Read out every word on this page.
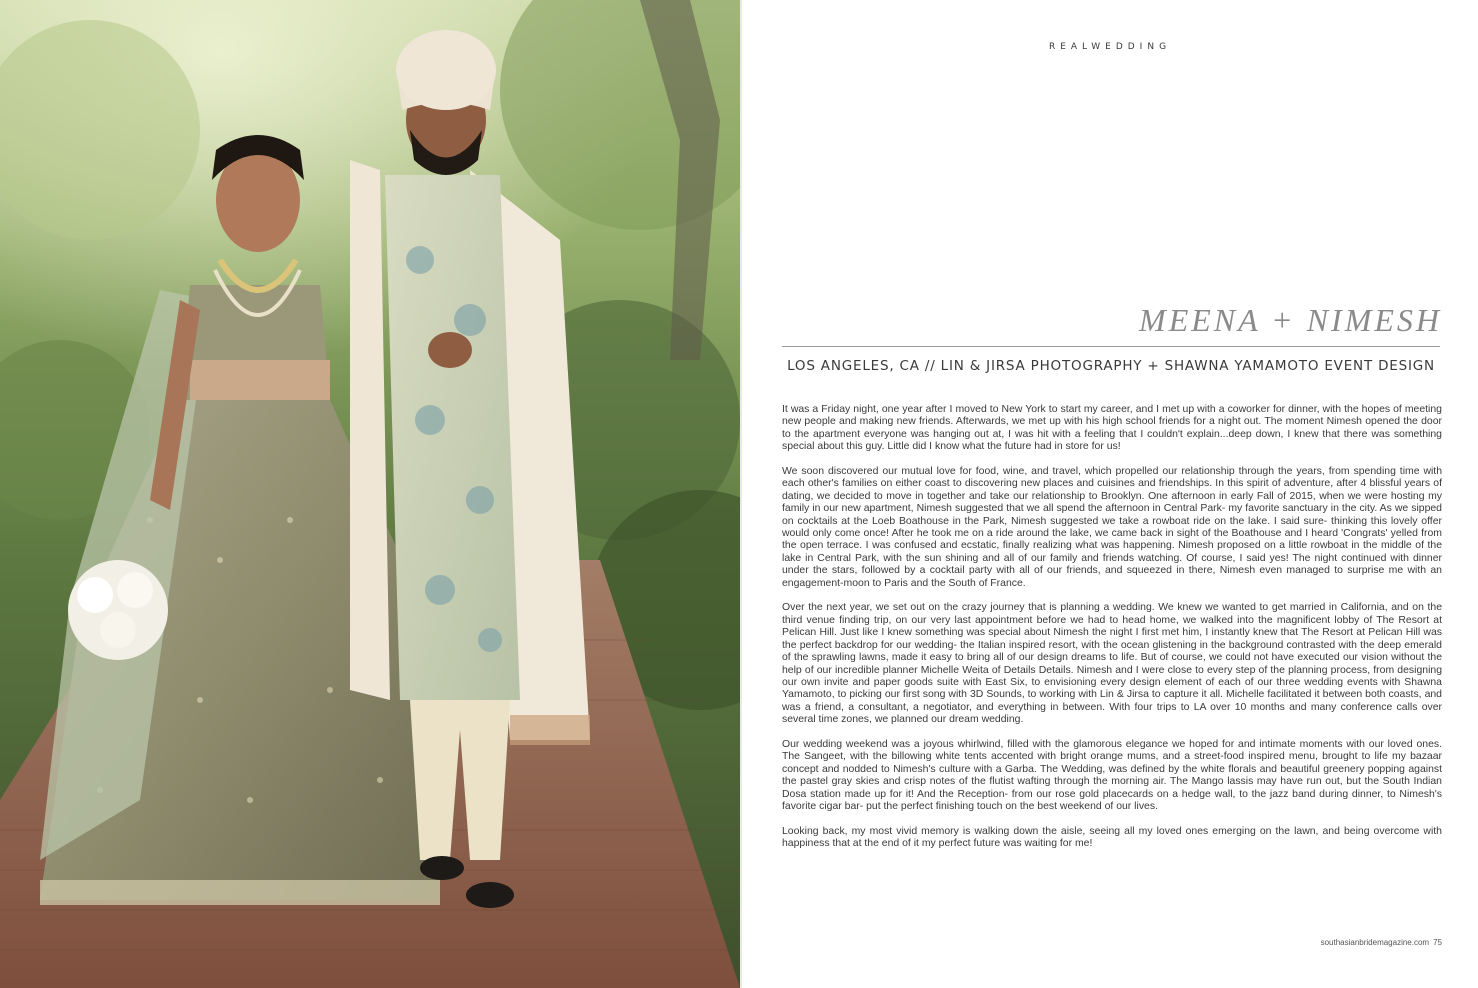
REALWEDDING
MEENA + NIMESH
LOS ANGELES, CA // LIN & JIRSA PHOTOGRAPHY + SHAWNA YAMAMOTO EVENT DESIGN

It was a Friday night, one year after I moved to New York to start my career, and I met up with a coworker for dinner, with the hopes of meeting new people and making new friends. Afterwards, we met up with his high school friends for a night out. The moment Nimesh opened the door to the apartment everyone was hanging out at, I was hit with a feeling that I couldn't explain...deep down, I knew that there was something special about this guy. Little did I know what the future had in store for us!

We soon discovered our mutual love for food, wine, and travel, which propelled our relationship through the years, from spending time with each other's families on either coast to discovering new places and cuisines and friendships. In this spirit of adventure, after 4 blissful years of dating, we decided to move in together and take our relationship to Brooklyn. One afternoon in early Fall of 2015, when we were hosting my family in our new apartment, Nimesh suggested that we all spend the afternoon in Central Park- my favorite sanctuary in the city. As we sipped on cocktails at the Loeb Boathouse in the Park, Nimesh suggested we take a rowboat ride on the lake. I said sure- thinking this lovely offer would only come once! After he took me on a ride around the lake, we came back in sight of the Boathouse and I heard 'Congrats' yelled from the open terrace. I was confused and ecstatic, finally realizing what was happening. Nimesh proposed on a little rowboat in the middle of the lake in Central Park, with the sun shining and all of our family and friends watching. Of course, I said yes! The night continued with dinner under the stars, followed by a cocktail party with all of our friends, and squeezed in there, Nimesh even managed to surprise me with an engagement-moon to Paris and the South of France.

Over the next year, we set out on the crazy journey that is planning a wedding. We knew we wanted to get married in California, and on the third venue finding trip, on our very last appointment before we had to head home, we walked into the magnificent lobby of The Resort at Pelican Hill. Just like I knew something was special about Nimesh the night I first met him, I instantly knew that The Resort at Pelican Hill was the perfect backdrop for our wedding- the Italian inspired resort, with the ocean glistening in the background contrasted with the deep emerald of the sprawling lawns, made it easy to bring all of our design dreams to life. But of course, we could not have executed our vision without the help of our incredible planner Michelle Weita of Details Details. Nimesh and I were close to every step of the planning process, from designing our own invite and paper goods suite with East Six, to envisioning every design element of each of our three wedding events with Shawna Yamamoto, to picking our first song with 3D Sounds, to working with Lin & Jirsa to capture it all. Michelle facilitated it between both coasts, and was a friend, a consultant, a negotiator, and everything in between. With four trips to LA over 10 months and many conference calls over several time zones, we planned our dream wedding.

Our wedding weekend was a joyous whirlwind, filled with the glamorous elegance we hoped for and intimate moments with our loved ones. The Sangeet, with the billowing white tents accented with bright orange mums, and a street-food inspired menu, brought to life my bazaar concept and nodded to Nimesh's culture with a Garba. The Wedding, was defined by the white florals and beautiful greenery popping against the pastel gray skies and crisp notes of the flutist wafting through the morning air. The Mango lassis may have run out, but the South Indian Dosa station made up for it! And the Reception- from our rose gold placecards on a hedge wall, to the jazz band during dinner, to Nimesh's favorite cigar bar- put the perfect finishing touch on the best weekend of our lives.

Looking back, my most vivid memory is walking down the aisle, seeing all my loved ones emerging on the lawn, and being overcome with happiness that at the end of it my perfect future was waiting for me!

southasianbridemagazine.com 75
